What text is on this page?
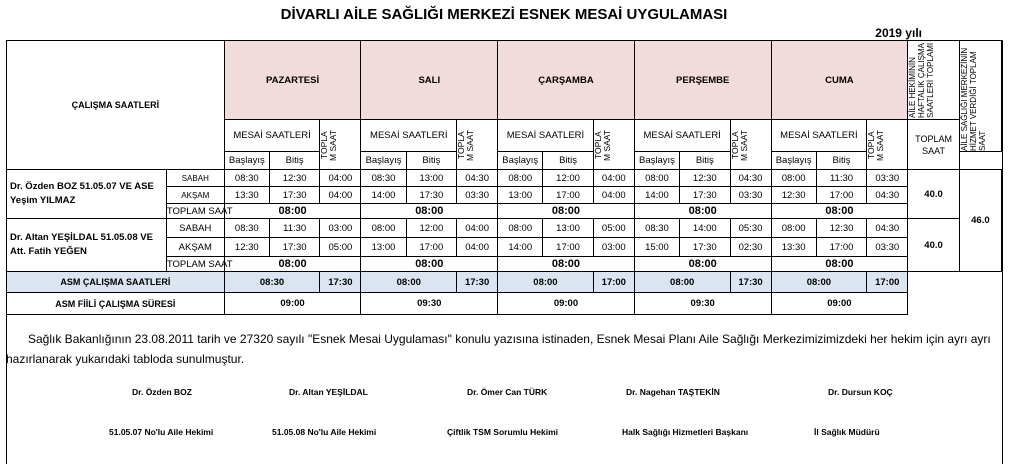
DİVARLI AİLE SAĞLIĞI MERKEZİ ESNEK MESAİ UYGULAMASI
2019 yılı
ÇALIŞMA SAATLERİ		PAZARTESİ			SALI			ÇARŞAMBA			PERŞEMBE			CUMA			AİLE HEKİMİNİN HAFTALIK ÇALIŞMA SAATLERİ TOPLAMI	AİLE SAĞLIĞI MERKEZİNİN HİZMET VERDİĞİ TOPLAM SAAT

		MESAİ SAATLERİ		TOPLA M SAAT	MESAİ SAATLERİ		TOPLA M SAAT	MESAİ SAATLERİ		TOPLA M SAAT	MESAİ SAATLERİ		TOPLA M SAAT	MESAİ SAATLERİ		TOPLA M SAAT	TOPLAM SAAT	
		Başlayış	Bitiş		Başlayış	Bitiş		Başlayış	Bitiş		Başlayış	Bitiş		Başlayış	Bitiş			
Dr. Özden BOZ 51.05.07 VE ASE Yeşim YILMAZ	SABAH	08:30	12:30	04:00	08:30	13:00	04:30	08:00	12:00	04:00	08:00	12:30	04:30	08:00	11:30	03:30	40.0	46.0
	AKŞAM	13:30	17:30	04:00	14:00	17:30	03:30	13:00	17:00	04:00	14:00	17:30	03:30	12:30	17:00	04:30		
	TOPLAM SAAT	08:00			08:00			08:00			08:00			08:00				
Dr. Altan YEŞİLDAL 51.05.08 VE Att. Fatih YEĞEN	SABAH	08:30	11:30	03:00	08:00	12:00	04:00	08:00	13:00	05:00	08:30	14:00	05:30	08:00	12:30	04:30	40.0	
	AKŞAM	12:30	17:30	05:00	13:00	17:00	04:00	14:00	17:00	03:00	15:00	17:30	02:30	13:30	17:00	03:30		
	TOPLAM SAAT	08:00			08:00			08:00			08:00			08:00				
ASM ÇALIŞMA SAATLERİ		08:30		17:30	08:00		17:30	08:00		17:00	08:00		17:30	08:00		17:00		
ASM FİİLİ ÇALIŞMA SÜRESİ		09:00			09:30			09:00			09:30			09:00				
Sağlık Bakanlığının 23.08.2011 tarih ve 27320 sayılı "Esnek Mesai Uygulaması" konulu yazısına istinaden, Esnek Mesai Planı Aile Sağlığı Merkezimizimizdeki her hekim için ayrı ayrı hazırlanarak yukarıdaki tabloda sunulmuştur.
Dr. Özden BOZ	Dr. Altan YEŞİLDAL	Dr. Ömer Can TÜRK	Dr. Nagehan TAŞTEKİN	Dr. Dursun KOÇ
51.05.07 No'lu Aile Hekimi	51.05.08 No'lu Aile Hekimi	Çiftlik TSM Sorumlu Hekimi	Halk Sağlığı Hizmetleri Başkanı	İl Sağlık Müdürü
